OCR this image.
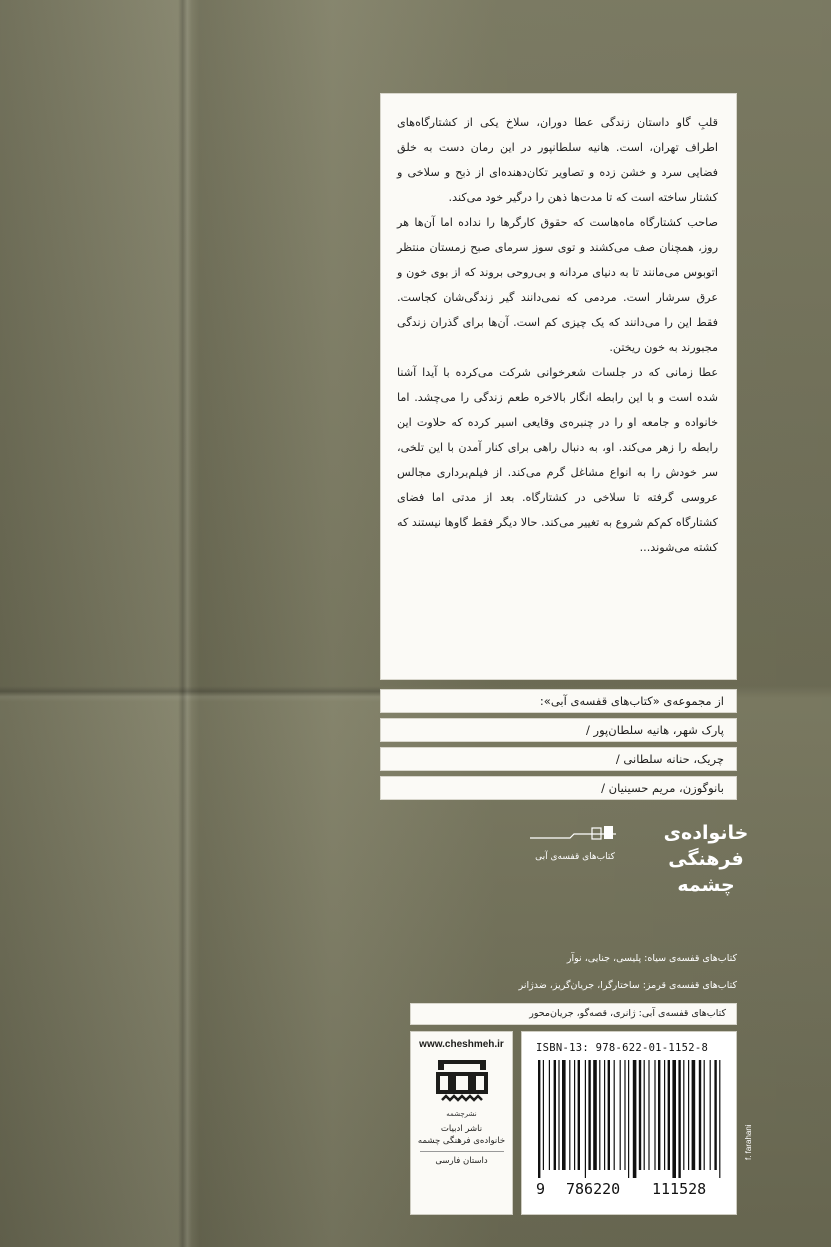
قلبِ گاو داستان زندگی عطا دوران، سلاخ یکی از کشتارگاه‌های اطراف تهران، است. هانیه سلطانپور در این رمان دست به خلق فضایی سرد و خشن زده و تصاویر تکان‌دهنده‌ای از ذبح و سلاخی و کشتار ساخته است که تا مدت‌ها ذهن را درگیر خود می‌کند.

صاحب کشتارگاه ماه‌هاست که حقوق کارگرها را نداده اما آن‌ها هر روز، همچنان صف می‌کشند و توی سوز سرمای صبح زمستان منتظر اتوبوس می‌مانند تا به دنیای مردانه و بی‌روحی بروند که از بوی خون و عرق سرشار است. مردمی که نمی‌دانند گیر زندگی‌شان کجاست. فقط این را می‌دانند که یک چیزی کم است. آن‌ها برای گذران زندگی مجبورند به خون ریختن.

عطا زمانی که در جلسات شعرخوانی شرکت می‌کرده با آیدا آشنا شده است و با این رابطه انگار بالاخره طعم زندگی را می‌چشد. اما خانواده و جامعه او را در چنبره‌ی وقایعی اسیر کرده که حلاوت این رابطه را زهر می‌کند. او، به دنبال راهی برای کنار آمدن با این تلخی، سر خودش را به انواع مشاغل گرم می‌کند. از فیلم‌برداری مجالس عروسی گرفته تا سلاخی در کشتارگاه. بعد از مدتی اما فضای کشتارگاه کم‌کم شروع به تغییر می‌کند. حالا دیگر فقط گاوها نیستند که کشته می‌شوند...

از مجموعه‌ی «کتاب‌های قفسه‌ی آبی»:
پارک شهر، هانیه سلطان‌پور /
چریک، حنانه سلطانی /
بانوگوزن، مریم حسینیان /
کتاب‌های قفسه‌ی آبی
خانواده‌ی
فرهنگی
چشمه
کتاب‌های قفسه‌ی سیاه: پلیسی، جنایی، نوآر
کتاب‌های قفسه‌ی قرمز: ساختارگرا، جریان‌گریز، ضدژانر
کتاب‌های قفسه‌ی آبی: ژانری، قصه‌گو، جریان‌محور
www.cheshmeh.ir
نشرچشمه
ناشر ادبیات
خانواده‌ی فرهنگی چشمه
داستان فارسی
ISBN-13: 978-622-01-1152-8
9 786220 111528
f. farahani
